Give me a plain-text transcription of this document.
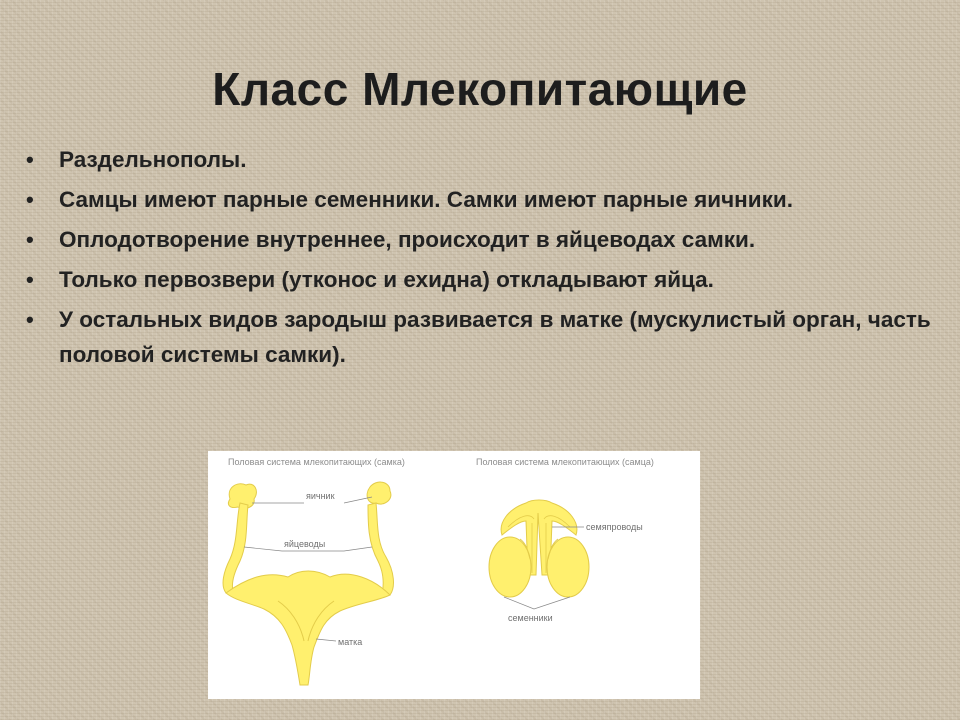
Класс Млекопитающие
• Раздельнополы.
• Самцы имеют парные семенники. Самки имеют парные яичники.
• Оплодотворение внутреннее, происходит в яйцеводах самки.
• Только первозвери (утконос и ехидна) откладывают яйца.
• У остальных видов зародыш развивается в матке (мускулистый орган, часть половой системы самки).
Половая система млекопитающих (самка)	Половая система млекопитающих (самца)
яичник
яйцеводы
матка
семяпроводы
семенники
